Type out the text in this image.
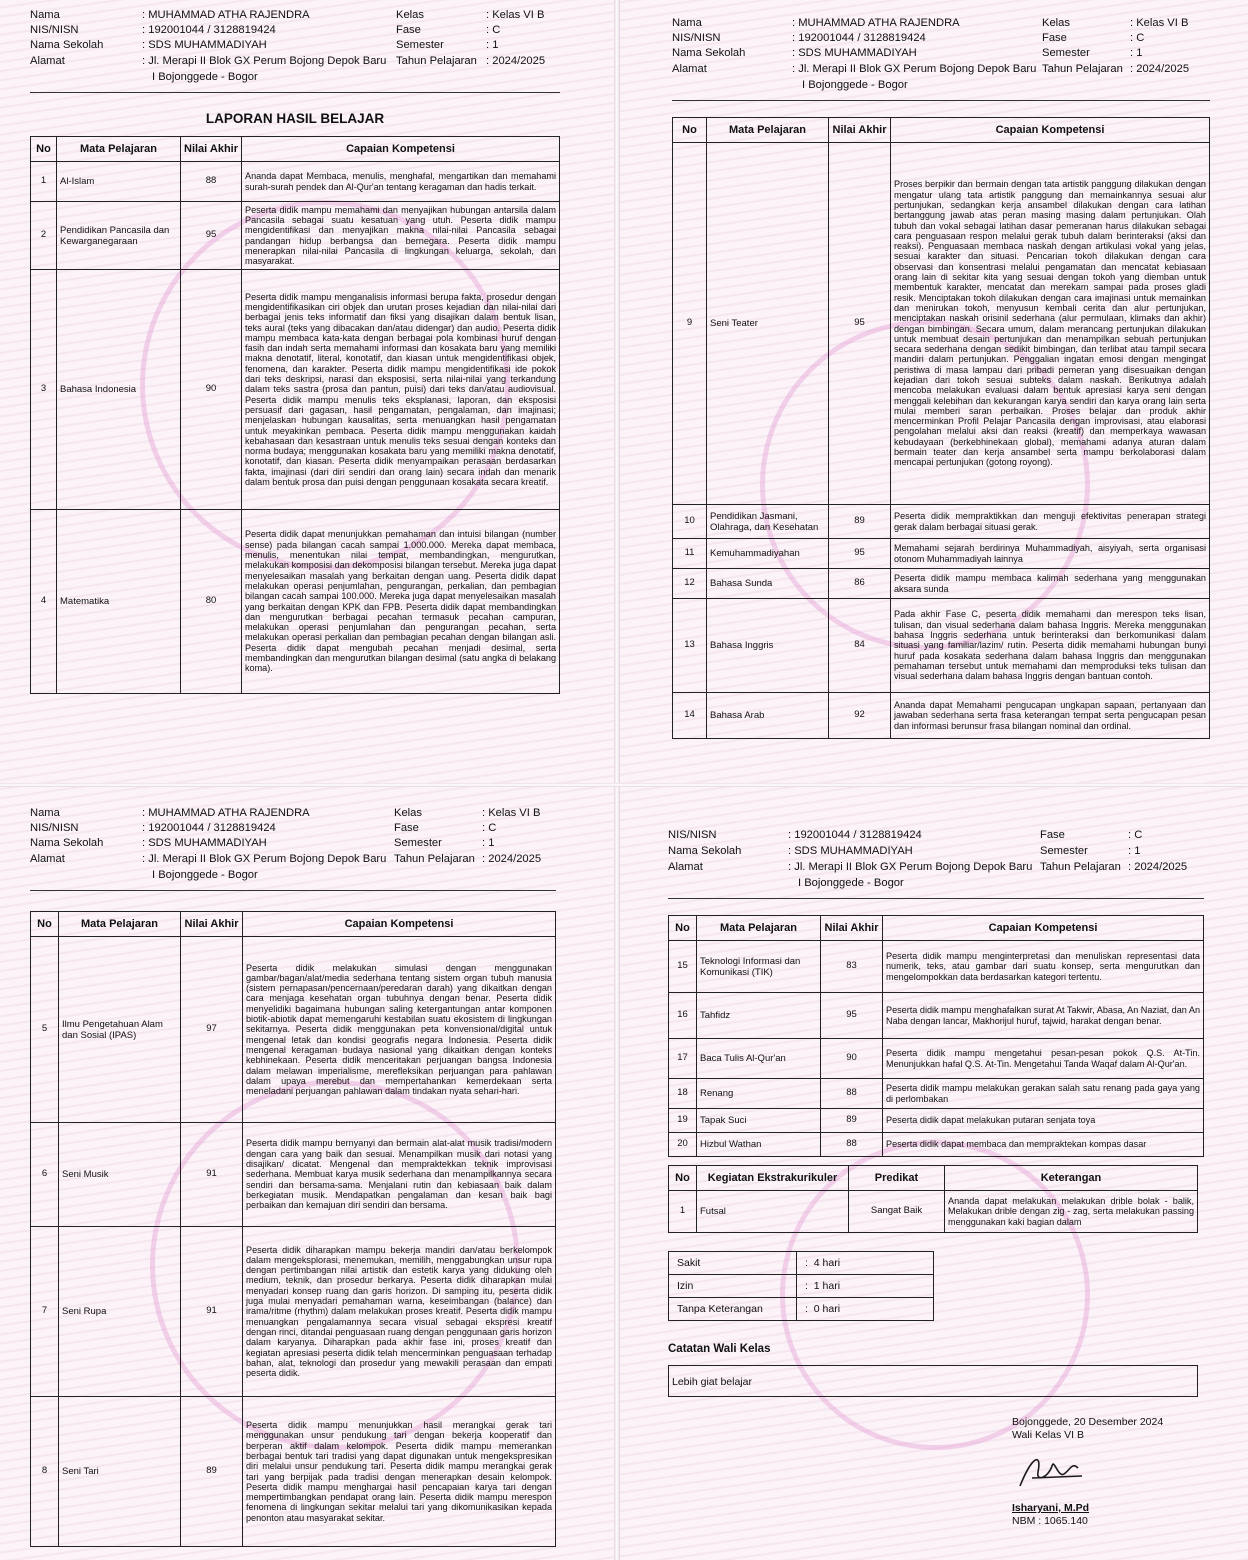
Nama	: MUHAMMAD ATHA RAJENDRA
NIS/NISN	: 192001044 / 3128819424
Nama Sekolah	: SDS MUHAMMADIYAH
Alamat	: Jl. Merapi II Blok GX Perum Bojong Depok Baru
I Bojonggede - Bogor
Kelas	: Kelas VI B
Fase	: C
Semester	: 1
Tahun Pelajaran : 2024/2025
LAPORAN HASIL BELAJAR
No	Mata Pelajaran	Nilai Akhir	Capaian Kompetensi
1	Al-Islam	88	Ananda dapat Membaca, menulis, menghafal, mengartikan dan memahami surah-surah pendek dan Al-Qur'an tentang keragaman dan hadis terkait.
2	Pendidikan Pancasila dan Kewarganegaraan	95	Peserta didik mampu memahami dan menyajikan hubungan antarsila dalam Pancasila sebagai suatu kesatuan yang utuh. Peserta didik mampu mengidentifikasi dan menyajikan makna nilai-nilai Pancasila sebagai pandangan hidup berbangsa dan bernegara. Peserta didik mampu menerapkan nilai-nilai Pancasila di lingkungan keluarga, sekolah, dan masyarakat.
3	Bahasa Indonesia	90	Peserta didik mampu menganalisis informasi berupa fakta, prosedur dengan mengidentifikasikan ciri objek dan urutan proses kejadian dan nilai-nilai dari berbagai jenis teks informatif dan fiksi yang disajikan dalam bentuk lisan, teks aural (teks yang dibacakan dan/atau didengar) dan audio. Peserta didik mampu membaca kata-kata dengan berbagai pola kombinasi huruf dengan fasih dan indah serta memahami informasi dan kosakata baru yang memiliki makna denotatif, literal, konotatif, dan kiasan untuk mengidentifikasi objek, fenomena, dan karakter. Peserta didik mampu mengidentifikasi ide pokok dari teks deskripsi, narasi dan eksposisi, serta nilai-nilai yang terkandung dalam teks sastra (prosa dan pantun, puisi) dari teks dan/atau audiovisual. Peserta didik mampu menulis teks eksplanasi, laporan, dan eksposisi persuasif dari gagasan, hasil pengamatan, pengalaman, dan imajinasi; menjelaskan hubungan kausalitas, serta menuangkan hasil pengamatan untuk meyakinkan pembaca. Peserta didik mampu menggunakan kaidah kebahasaan dan kesastraan untuk menulis teks sesuai dengan konteks dan norma budaya; menggunakan kosakata baru yang memiliki makna denotatif, konotatif, dan kiasan. Peserta didik menyampaikan perasaan berdasarkan fakta, imajinasi (dari diri sendiri dan orang lain) secara indah dan menarik dalam bentuk prosa dan puisi dengan penggunaan kosakata secara kreatif.
4	Matematika	80	Peserta didik dapat menunjukkan pemahaman dan intuisi bilangan (number sense) pada bilangan cacah sampai 1.000.000. Mereka dapat membaca, menulis, menentukan nilai tempat, membandingkan, mengurutkan, melakukan komposisi dan dekomposisi bilangan tersebut. Mereka juga dapat menyelesaikan masalah yang berkaitan dengan uang. Peserta didik dapat melakukan operasi penjumlahan, pengurangan, perkalian, dan pembagian bilangan cacah sampai 100.000. Mereka juga dapat menyelesaikan masalah yang berkaitan dengan KPK dan FPB. Peserta didik dapat membandingkan dan mengurutkan berbagai pecahan termasuk pecahan campuran, melakukan operasi penjumlahan dan pengurangan pecahan, serta melakukan operasi perkalian dan pembagian pecahan dengan bilangan asli. Peserta didik dapat mengubah pecahan menjadi desimal, serta membandingkan dan mengurutkan bilangan desimal (satu angka di belakang koma).
Nama	: MUHAMMAD ATHA RAJENDRA
NIS/NISN	: 192001044 / 3128819424
Nama Sekolah	: SDS MUHAMMADIYAH
Alamat	: Jl. Merapi II Blok GX Perum Bojong Depok Baru
I Bojonggede - Bogor
Kelas	: Kelas VI B
Fase	: C
Semester	: 1
Tahun Pelajaran : 2024/2025
No	Mata Pelajaran	Nilai Akhir	Capaian Kompetensi
9	Seni Teater	95	Proses berpikir dan bermain dengan tata artistik panggung dilakukan dengan mengatur ulang tata artistik panggung dan memainkannya sesuai alur pertunjukan, sedangkan kerja ansambel dilakukan dengan cara latihan bertanggung jawab atas peran masing masing dalam pertunjukan. Olah tubuh dan vokal sebagai latihan dasar pemeranan harus dilakukan sebagai cara penguasaan respon melalui gerak tubuh dalam berinteraksi (aksi dan reaksi). Penguasaan membaca naskah dengan artikulasi vokal yang jelas, sesuai karakter dan situasi. Pencarian tokoh dilakukan dengan cara observasi dan konsentrasi melalui pengamatan dan mencatat kebiasaan orang lain di sekitar kita yang sesuai dengan tokoh yang diemban untuk membentuk karakter, mencatat dan merekam sampai pada proses gladi resik. Menciptakan tokoh dilakukan dengan cara imajinasi untuk memainkan dan menirukan tokoh, menyusun kembali cerita dan alur pertunjukan, menciptakan naskah orisinil sederhana (alur permulaan, klimaks dan akhir) dengan bimbingan. Secara umum, dalam merancang pertunjukan dilakukan untuk membuat desain pertunjukan dan menampilkan sebuah pertunjukan secara sederhana dengan sedikit bimbingan, dan terlibat atau tampil secara mandiri dalam pertunjukan. Penggalian ingatan emosi dengan mengingat peristiwa di masa lampau dari pribadi pemeran yang disesuaikan dengan kejadian dari tokoh sesuai subteks dalam naskah. Berikutnya adalah mencoba melakukan evaluasi dalam bentuk apresiasi karya seni dengan menggali kelebihan dan kekurangan karya sendiri dan karya orang lain serta mulai memberi saran perbaikan. Proses belajar dan produk akhir mencerminkan Profil Pelajar Pancasila dengan improvisasi, atau elaborasi pengolahan melalui aksi dan reaksi (kreatif) dan memperkaya wawasan kebudayaan (berkebhinekaan global), memahami adanya aturan dalam bermain teater dan kerja ansambel serta mampu berkolaborasi dalam mencapai pertunjukan (gotong royong).
10	Pendidikan Jasmani, Olahraga, dan Kesehatan	89	Peserta didik mempraktikkan dan menguji efektivitas penerapan strategi gerak dalam berbagai situasi gerak.
11	Kemuhammadiyahan	95	Memahami sejarah berdirinya Muhammadiyah, aisyiyah, serta organisasi otonom Muhammadiyah lainnya
12	Bahasa Sunda	86	Peserta didik mampu membaca kalimah sederhana yang menggunakan aksara sunda
13	Bahasa Inggris	84	Pada akhir Fase C, peserta didik memahami dan merespon teks lisan, tulisan, dan visual sederhana dalam bahasa Inggris. Mereka menggunakan bahasa Inggris sederhana untuk berinteraksi dan berkomunikasi dalam situasi yang familiar/lazim/ rutin. Peserta didik memahami hubungan bunyi huruf pada kosakata sederhana dalam bahasa Inggris dan menggunakan pemahaman tersebut untuk memahami dan memproduksi teks tulisan dan visual sederhana dalam bahasa Inggris dengan bantuan contoh.
14	Bahasa Arab	92	Ananda dapat Memahami pengucapan ungkapan sapaan, pertanyaan dan jawaban sederhana serta frasa keterangan tempat serta pengucapan pesan dan informasi berunsur frasa bilangan nominal dan ordinal.
Nama	: MUHAMMAD ATHA RAJENDRA
NIS/NISN	: 192001044 / 3128819424
Nama Sekolah	: SDS MUHAMMADIYAH
Alamat	: Jl. Merapi II Blok GX Perum Bojong Depok Baru
I Bojonggede - Bogor
Kelas	: Kelas VI B
Fase	: C
Semester	: 1
Tahun Pelajaran : 2024/2025
No	Mata Pelajaran	Nilai Akhir	Capaian Kompetensi
5	Ilmu Pengetahuan Alam dan Sosial (IPAS)	97	Peserta didik melakukan simulasi dengan menggunakan gambar/bagan/alat/media sederhana tentang sistem organ tubuh manusia (sistem pernapasan/pencernaan/peredaran darah) yang dikaitkan dengan cara menjaga kesehatan organ tubuhnya dengan benar. Peserta didik menyelidiki bagaimana hubungan saling ketergantungan antar komponen biotik-abiotik dapat memengaruhi kestabilan suatu ekosistem di lingkungan sekitarnya. Peserta didik menggunakan peta konvensional/digital untuk mengenal letak dan kondisi geografis negara Indonesia. Peserta didik mengenal keragaman budaya nasional yang dikaitkan dengan konteks kebhinekaan. Peserta didik menceritakan perjuangan bangsa Indonesia dalam melawan imperialisme, merefleksikan perjuangan para pahlawan dalam upaya merebut dan mempertahankan kemerdekaan serta meneladani perjuangan pahlawan dalam tindakan nyata sehari-hari.
6	Seni Musik	91	Peserta didik mampu bernyanyi dan bermain alat-alat musik tradisi/modern dengan cara yang baik dan sesuai. Menampilkan musik dari notasi yang disajikan/ dicatat. Mengenal dan mempraktekkan teknik improvisasi sederhana. Membuat karya musik sederhana dan menampilkannya secara sendiri dan bersama-sama. Menjalani rutin dan kebiasaan baik dalam berkegiatan musik. Mendapatkan pengalaman dan kesan baik bagi perbaikan dan kemajuan diri sendiri dan bersama.
7	Seni Rupa	91	Peserta didik diharapkan mampu bekerja mandiri dan/atau berkelompok dalam mengeksplorasi, menemukan, memilih, menggabungkan unsur rupa dengan pertimbangan nilai artistik dan estetik karya yang didukung oleh medium, teknik, dan prosedur berkarya. Peserta didik diharapkan mulai menyadari konsep ruang dan garis horizon. Di samping itu, peserta didik juga mulai menyadari pemahaman warna, keseimbangan (balance) dan irama/ritme (rhythm) dalam melakukan proses kreatif. Peserta didik mampu menuangkan pengalamannya secara visual sebagai ekspresi kreatif dengan rinci, ditandai penguasaan ruang dengan penggunaan garis horizon dalam karyanya. Diharapkan pada akhir fase ini, proses kreatif dan kegiatan apresiasi peserta didik telah mencerminkan penguasaan terhadap bahan, alat, teknologi dan prosedur yang mewakili perasaan dan empati peserta didik.
8	Seni Tari	89	Peserta didik mampu menunjukkan hasil merangkai gerak tari menggunakan unsur pendukung tari dengan bekerja kooperatif dan berperan aktif dalam kelompok. Peserta didik mampu memerankan berbagai bentuk tari tradisi yang dapat digunakan untuk mengekspresikan diri melalui unsur pendukung tari. Peserta didik mampu merangkai gerak tari yang berpijak pada tradisi dengan menerapkan desain kelompok. Peserta didik mampu menghargai hasil pencapaian karya tari dengan mempertimbangkan pendapat orang lain. Peserta didik mampu merespon fenomena di lingkungan sekitar melalui tari yang dikomunikasikan kepada penonton atau masyarakat sekitar.
NIS/NISN	: 192001044 / 3128819424
Nama Sekolah	: SDS MUHAMMADIYAH
Alamat	: Jl. Merapi II Blok GX Perum Bojong Depok Baru
I Bojonggede - Bogor
Fase	: C
Semester	: 1
Tahun Pelajaran : 2024/2025
No	Mata Pelajaran	Nilai Akhir	Capaian Kompetensi
15	Teknologi Informasi dan Komunikasi (TIK)	83	Peserta didik mampu menginterpretasi dan menuliskan representasi data numerik, teks, atau gambar dari suatu konsep, serta mengurutkan dan mengelompokkan data berdasarkan kategori tertentu.
16	Tahfidz	95	Peserta didik mampu menghafalkan surat At Takwir, Abasa, An Naziat, dan An Naba dengan lancar, Makhorijul huruf, tajwid, harakat dengan benar.
17	Baca Tulis Al-Qur'an	90	Peserta didik mampu mengetahui pesan-pesan pokok Q.S. At-Tin. Menunjukkan hafal Q.S. At-Tin. Mengetahui Tanda Waqaf dalam Al-Qur'an.
18	Renang	88	Peserta didik mampu melakukan gerakan salah satu renang pada gaya yang di perlombakan
19	Tapak Suci	89	Peserta didik dapat melakukan putaran senjata toya
20	Hizbul Wathan	88	Peserta didik dapat membaca dan mempraktekan kompas dasar
No	Kegiatan Ekstrakurikuler	Predikat	Keterangan
1	Futsal	Sangat Baik	Ananda dapat melakukan melakukan drible bolak - balik, Melakukan drible dengan zig - zag, serta melakukan passing menggunakan kaki bagian dalam
Sakit	:  4 hari
Izin	:  1 hari
Tanpa Keterangan	:  0 hari
Catatan Wali Kelas
Lebih giat belajar
Bojonggede, 20 Desember 2024
Wali Kelas VI B
Isharyani, M.Pd
NBM : 1065.140
